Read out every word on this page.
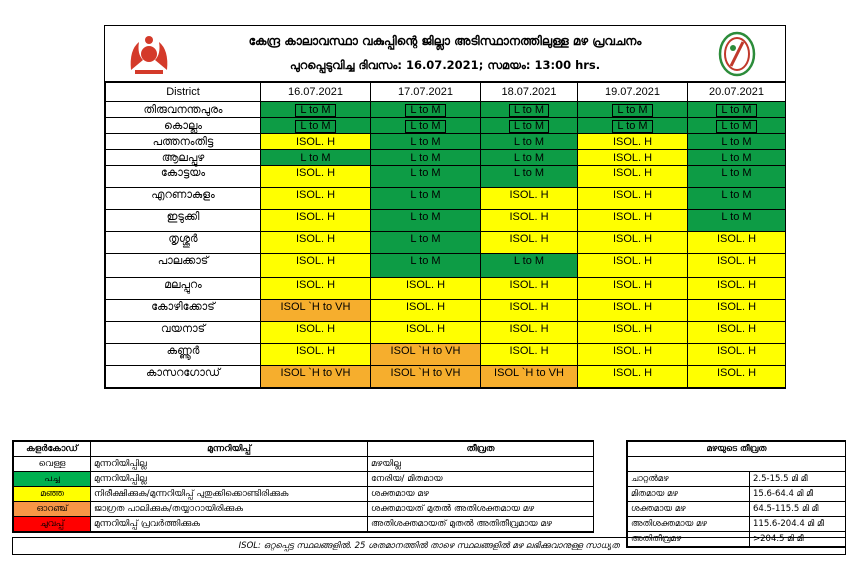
കേന്ദ്ര കാലാവസ്ഥാ വകുപ്പിന്റെ ജില്ലാ അടിസ്ഥാനത്തിലുള്ള മഴ പ്രവചനം
പുറപ്പെടുവിച്ച ദിവസം: 16.07.2021; സമയം: 13:00 hrs.
District	16.07.2021	17.07.2021	18.07.2021	19.07.2021	20.07.2021
തിരുവനന്തപുരം	L to M	L to M	L to M	L to M	L to M
കൊല്ലം	L to M	L to M	L to M	L to M	L to M
പത്തനംതിട്ട	ISOL. H	L to M	L to M	ISOL. H	L to M
ആലപ്പുഴ	L to M	L to M	L to M	ISOL. H	L to M
കോട്ടയം	ISOL. H	L to M	L to M	ISOL. H	L to M
എറണാകുളം	ISOL. H	L to M	ISOL. H	ISOL. H	L to M
ഇടുക്കി	ISOL. H	L to M	ISOL. H	ISOL. H	L to M
തൃശ്ശൂർ	ISOL. H	L to M	ISOL. H	ISOL. H	ISOL. H
പാലക്കാട്	ISOL. H	L to M	L to M	ISOL. H	ISOL. H
മലപ്പുറം	ISOL. H	ISOL. H	ISOL. H	ISOL. H	ISOL. H
കോഴിക്കോട്	ISOL `H to VH	ISOL. H	ISOL. H	ISOL. H	ISOL. H
വയനാട്	ISOL. H	ISOL. H	ISOL. H	ISOL. H	ISOL. H
കണ്ണൂർ	ISOL. H	ISOL `H to VH	ISOL. H	ISOL. H	ISOL. H
കാസറഗോഡ്	ISOL `H to VH	ISOL `H to VH	ISOL `H to VH	ISOL. H	ISOL. H
കളർകോഡ്	മുന്നറിയിപ്പ്	തീവ്രത
വെള്ള	മുന്നറിയിപ്പില്ല	മഴയില്ല
പച്ച	മുന്നറിയിപ്പില്ല	നേരിയ/ മിതമായ
മഞ്ഞ	നിരീക്ഷിക്കുക/മുന്നറിയിപ്പ് പുതുക്കിക്കൊണ്ടിരിക്കുക	ശക്തമായ മഴ
ഓറഞ്ച്	ജാഗ്രത പാലിക്കുക/തയ്യാറായിരിക്കുക	ശക്തമായത് മുതൽ അതിശക്തമായ മഴ
ചുവപ്പ്	മുന്നറിയിപ്പ് പ്രവർത്തിക്കുക	അതിശക്തമായത് മുതൽ അതിതീവ്രമായ മഴ
മഴയുടെ തീവ്രത	

ചാറ്റൽമഴ	2.5-15.5 മി മീ
മിതമായ മഴ	15.6-64.4 മി മീ
ശക്തമായ മഴ	64.5-115.5 മി മീ
അതിശക്തമായ മഴ	115.6-204.4 മി മീ
അതിതീവ്രമഴ	>204.5 മി മീ
ISOL: ഒറ്റപ്പെട്ട സ്ഥലങ്ങളിൽ. 25 ശതമാനത്തിൽ താഴെ സ്ഥലങ്ങളിൽ മഴ ലഭിക്കുവാനുള്ള സാധ്യത
